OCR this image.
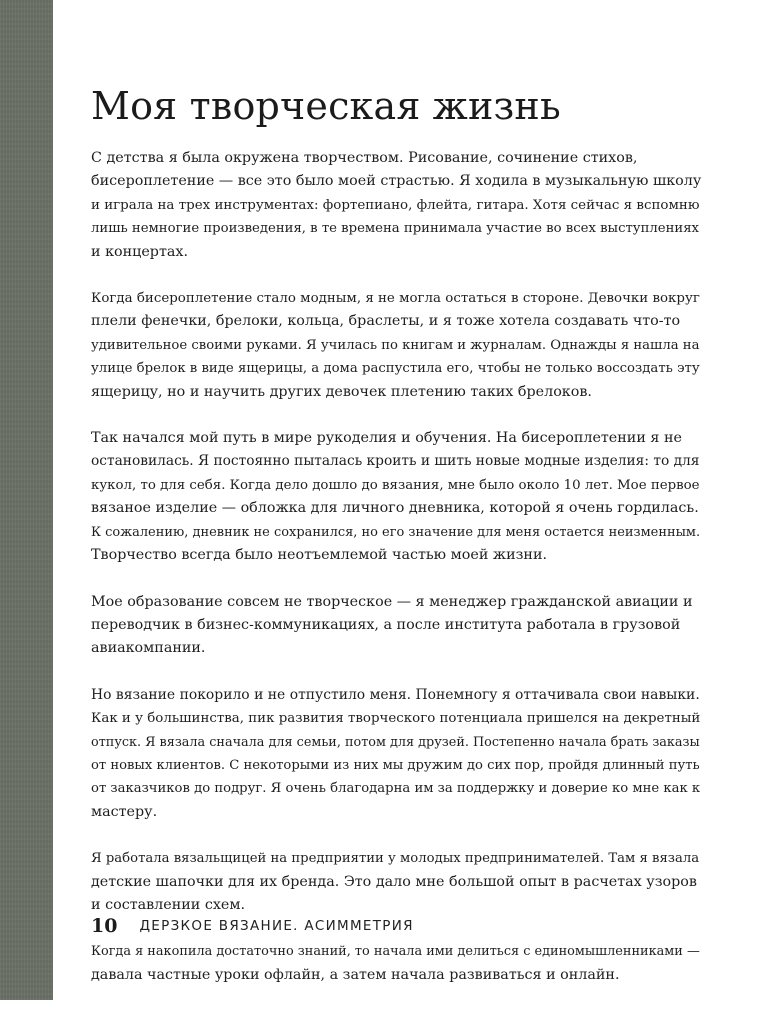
Моя творческая жизнь

С детства я была окружена творчеством. Рисование, сочинение стихов,
бисероплетение — все это было моей страстью. Я ходила в музыкальную школу
и играла на трех инструментах: фортепиано, флейта, гитара. Хотя сейчас я вспомню
лишь немногие произведения, в те времена принимала участие во всех выступлениях
и концертах.

Когда бисероплетение стало модным, я не могла остаться в стороне. Девочки вокруг
плели фенечки, брелоки, кольца, браслеты, и я тоже хотела создавать что-то
удивительное своими руками. Я училась по книгам и журналам. Однажды я нашла на
улице брелок в виде ящерицы, а дома распустила его, чтобы не только воссоздать эту
ящерицу, но и научить других девочек плетению таких брелоков.

Так начался мой путь в мире рукоделия и обучения. На бисероплетении я не
остановилась. Я постоянно пыталась кроить и шить новые модные изделия: то для
кукол, то для себя. Когда дело дошло до вязания, мне было около 10 лет. Мое первое
вязаное изделие — обложка для личного дневника, которой я очень гордилась.
К сожалению, дневник не сохранился, но его значение для меня остается неизменным.
Творчество всегда было неотъемлемой частью моей жизни.

Мое образование совсем не творческое — я менеджер гражданской авиации и
переводчик в бизнес-коммуникациях, а после института работала в грузовой
авиакомпании.

Но вязание покорило и не отпустило меня. Понемногу я оттачивала свои навыки.
Как и у большинства, пик развития творческого потенциала пришелся на декретный
отпуск. Я вязала сначала для семьи, потом для друзей. Постепенно начала брать заказы
от новых клиентов. С некоторыми из них мы дружим до сих пор, пройдя длинный путь
от заказчиков до подруг. Я очень благодарна им за поддержку и доверие ко мне как к
мастеру.

Я работала вязальщицей на предприятии у молодых предпринимателей. Там я вязала
детские шапочки для их бренда. Это дало мне большой опыт в расчетах узоров
и составлении схем.

Когда я накопила достаточно знаний, то начала ими делиться с единомышленниками —
давала частные уроки офлайн, а затем начала развиваться и онлайн.

10 ДЕРЗКОЕ ВЯЗАНИЕ. АСИММЕТРИЯ
